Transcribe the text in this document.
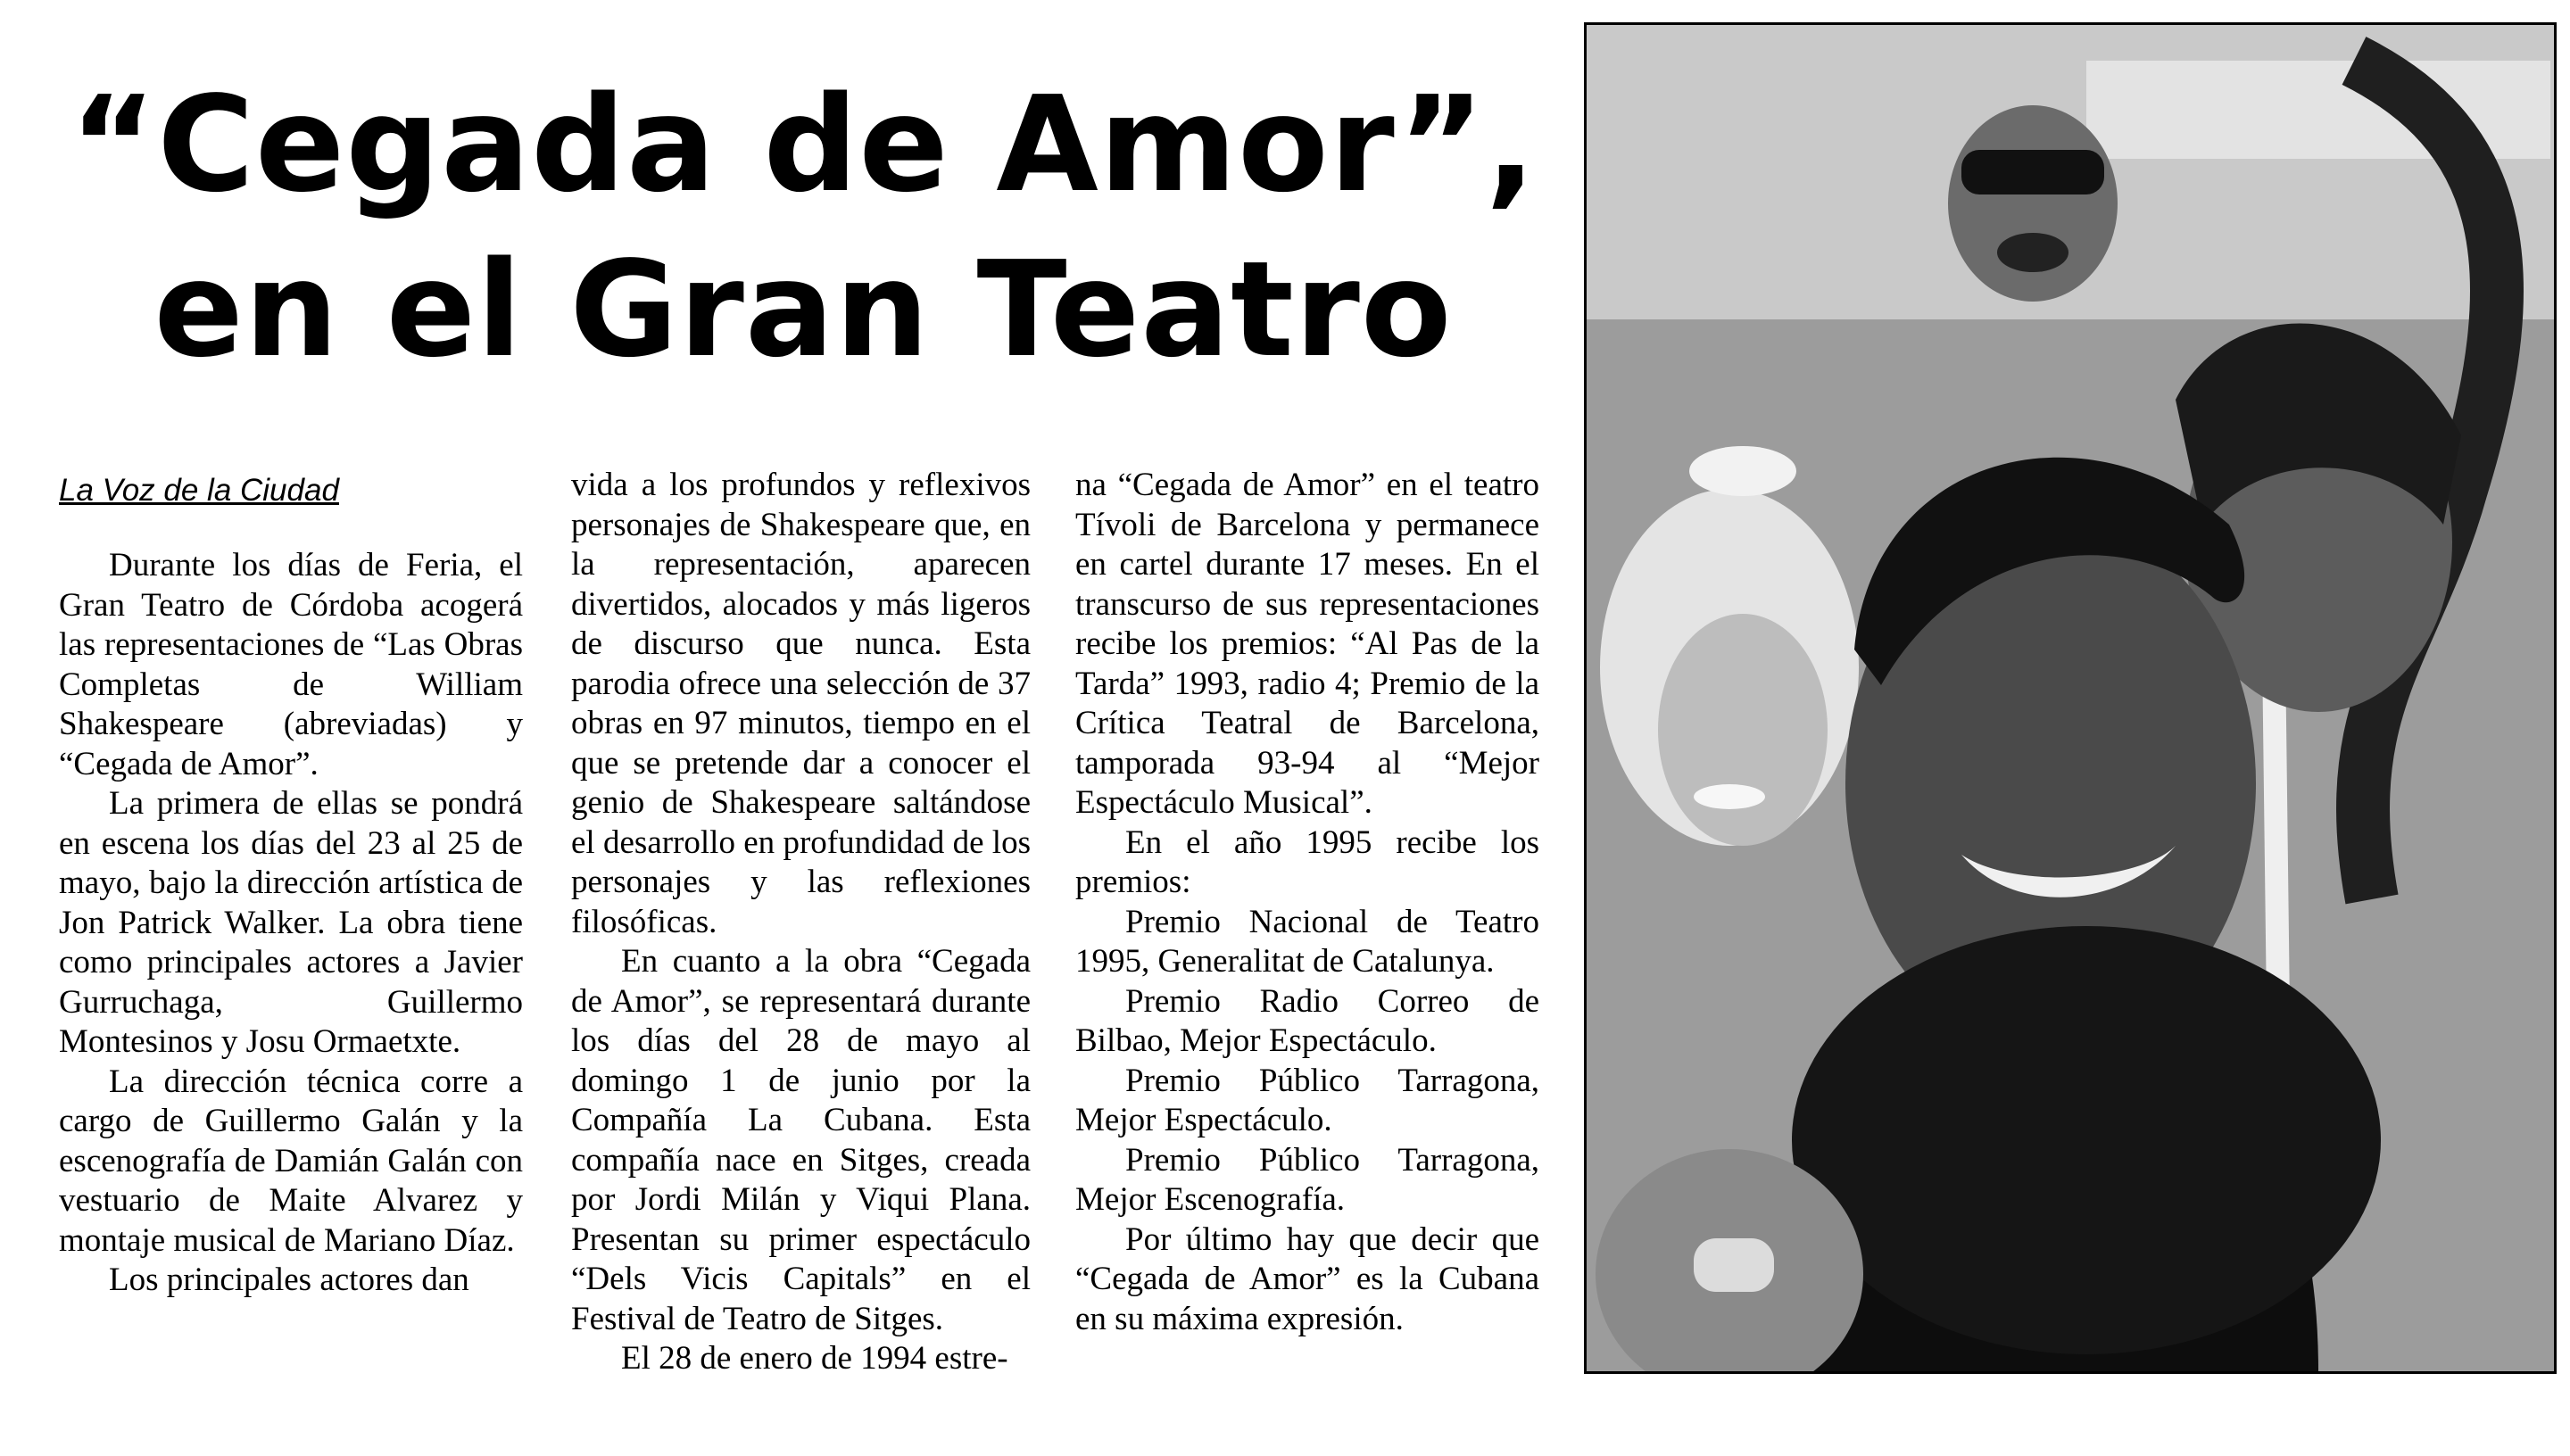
“Cegada de Amor”,
en el Gran Teatro
La Voz de la Ciudad

Durante los días de Feria, el Gran Teatro de Córdoba acogerá las representaciones de “Las Obras Completas de William Shakespeare (abreviadas) y “Cegada de Amor”.

La primera de ellas se pondrá en escena los días del 23 al 25 de mayo, bajo la dirección artística de Jon Patrick Walker. La obra tiene como principales actores a Javier Gurruchaga, Guillermo Montesinos y Josu Ormaetxte.

La dirección técnica corre a cargo de Guillermo Galán y la escenografía de Damián Galán con vestuario de Maite Alvarez y montaje musical de Mariano Díaz.

Los principales actores dan

vida a los profundos y reflexivos personajes de Shakespeare que, en la representación, aparecen divertidos, alocados y más ligeros de discurso que nunca. Esta parodia ofrece una selección de 37 obras en 97 minutos, tiempo en el que se pretende dar a conocer el genio de Shakespeare saltándose el desarrollo en profundidad de los personajes y las reflexiones filosóficas.

En cuanto a la obra “Cegada de Amor”, se representará durante los días del 28 de mayo al domingo 1 de junio por la Compañía La Cubana. Esta compañía nace en Sitges, creada por Jordi Milán y Viqui Plana. Presentan su primer espectáculo “Dels Vicis Capitals” en el Festival de Teatro de Sitges.

El 28 de enero de 1994 estre-

na “Cegada de Amor” en el teatro Tívoli de Barcelona y permanece en cartel durante 17 meses. En el transcurso de sus representaciones recibe los premios: “Al Pas de la Tarda” 1993, radio 4; Premio de la Crítica Teatral de Barcelona, tamporada 93-94 al “Mejor Espectáculo Musical”.

En el año 1995 recibe los premios:

Premio Nacional de Teatro 1995, Generalitat de Catalunya.

Premio Radio Correo de Bilbao, Mejor Espectáculo.

Premio Público Tarragona, Mejor Espectáculo.

Premio Público Tarragona, Mejor Escenografía.

Por último hay que decir que “Cegada de Amor” es la Cubana en su máxima expresión.
